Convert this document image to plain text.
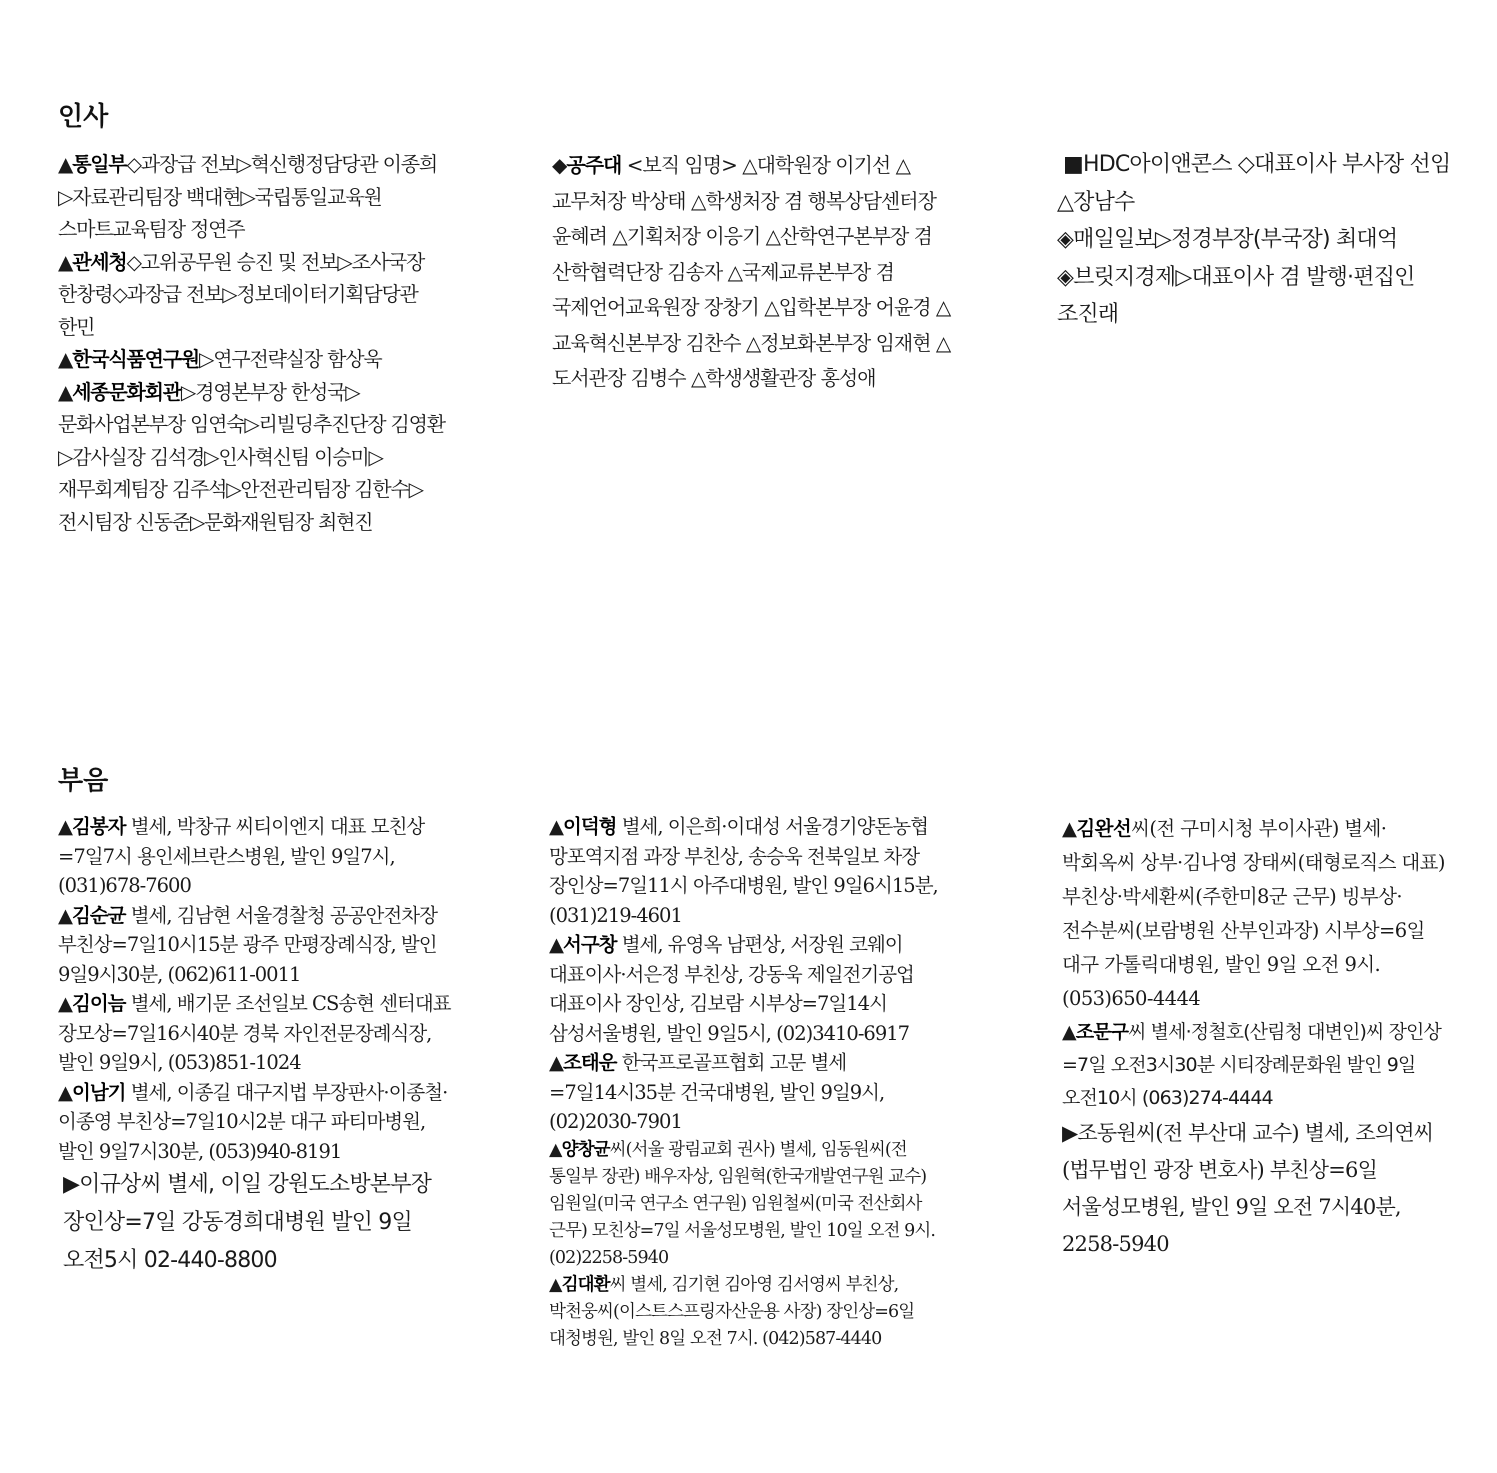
인사

▲통일부◇과장급 전보▷혁신행정담당관 이종희▷자료관리팀장 백대현▷국립통일교육원 스마트교육팀장 정연주

▲관세청◇고위공무원 승진 및 전보▷조사국장 한창령◇과장급 전보▷정보데이터기획담당관 한민

▲한국식품연구원▷연구전략실장 함상욱

▲세종문화회관▷경영본부장 한성국▷문화사업본부장 임연숙▷리빌딩추진단장 김영환▷감사실장 김석경▷인사혁신팀 이승미▷재무회계팀장 김주석▷안전관리팀장 김한수▷전시팀장 신동준▷문화재원팀장 최현진

◆공주대 <보직 임명> △대학원장 이기선 △교무처장 박상태 △학생처장 겸 행복상담센터장 윤혜려 △기획처장 이응기 △산학연구본부장 겸 산학협력단장 김송자 △국제교류본부장 겸 국제언어교육원장 장창기 △입학본부장 어윤경 △교육혁신본부장 김찬수 △정보화본부장 임재현 △도서관장 김병수 △학생생활관장 홍성애

■HDC아이앤콘스 ◇대표이사 부사장 선임△장남수

◈매일일보▷정경부장(부국장) 최대억

◈브릿지경제▷대표이사 겸 발행·편집인 조진래

부음

▲김봉자 별세, 박창규 씨티이엔지 대표 모친상=7일7시 용인세브란스병원, 발인 9일7시, (031)678-7600

▲김순균 별세, 김남현 서울경찰청 공공안전차장 부친상=7일10시15분 광주 만평장례식장, 발인 9일9시30분, (062)611-0011

▲김이늠 별세, 배기문 조선일보 CS송현 센터대표 장모상=7일16시40분 경북 자인전문장례식장, 발인 9일9시, (053)851-1024

▲이남기 별세, 이종길 대구지법 부장판사·이종철·이종영 부친상=7일10시2분 대구 파티마병원, 발인 9일7시30분, (053)940-8191

▶이규상씨 별세, 이일 강원도소방본부장 장인상=7일 강동경희대병원 발인 9일 오전5시 02-440-8800

▲이덕형 별세, 이은희·이대성 서울경기양돈농협 망포역지점 과장 부친상, 송승욱 전북일보 차장 장인상=7일11시 아주대병원, 발인 9일6시15분, (031)219-4601

▲서구창 별세, 유영옥 남편상, 서장원 코웨이 대표이사·서은정 부친상, 강동욱 제일전기공업 대표이사 장인상, 김보람 시부상=7일14시 삼성서울병원, 발인 9일5시, (02)3410-6917

▲조태운 한국프로골프협회 고문 별세=7일14시35분 건국대병원, 발인 9일9시, (02)2030-7901

▲양창균씨(서울 광림교회 권사) 별세, 임동원씨(전 통일부 장관) 배우자상, 임원혁(한국개발연구원 교수) 임원일(미국 연구소 연구원) 임원철씨(미국 전산회사 근무) 모친상=7일 서울성모병원, 발인 10일 오전 9시. (02)2258-5940

▲김대환씨 별세, 김기현 김아영 김서영씨 부친상, 박천웅씨(이스트스프링자산운용 사장) 장인상=6일 대청병원, 발인 8일 오전 7시. (042)587-4440

▲김완선씨(전 구미시청 부이사관) 별세·박회옥씨 상부·김나영 장태씨(태형로직스 대표) 부친상·박세환씨(주한미8군 근무) 빙부상·전수분씨(보람병원 산부인과장) 시부상=6일 대구 가톨릭대병원, 발인 9일 오전 9시. (053)650-4444

▲조문구씨 별세·정철호(산림청 대변인)씨 장인상=7일 오전3시30분 시티장례문화원 발인 9일 오전10시 (063)274-4444

▶조동원씨(전 부산대 교수) 별세, 조의연씨(법무법인 광장 변호사) 부친상=6일 서울성모병원, 발인 9일 오전 7시40분, 2258-5940
